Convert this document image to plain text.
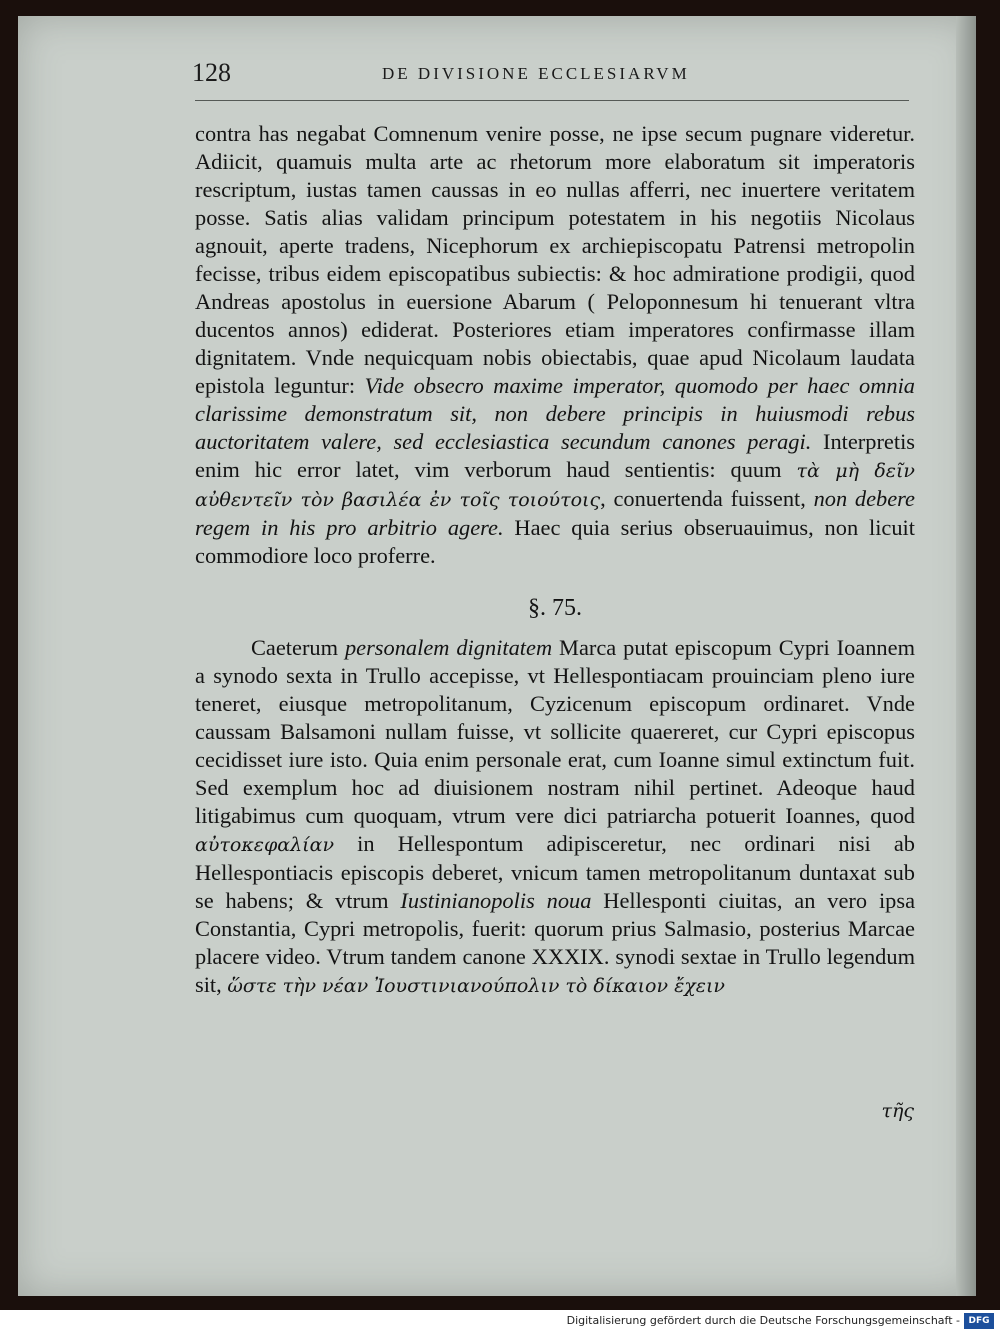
128	DE DIVISIONE ECCLESIARVM

contra has negabat Comnenum venire posse, ne ipse secum pugnare videretur. Adiicit, quamuis multa arte ac rhetorum more elaboratum sit imperatoris rescriptum, iustas tamen caussas in eo nullas afferri, nec inuertere veritatem posse. Satis alias validam principum potestatem in his negotiis Nicolaus agnouit, aperte tradens, Nicephorum ex archiepiscopatu Patrensi metropolin fecisse, tribus eidem episcopatibus subiectis: & hoc admiratione prodigii, quod Andreas apostolus in euersione Abarum ( Peloponnesum hi tenuerant vltra ducentos annos) ediderat. Posteriores etiam imperatores confirmasse illam dignitatem. Vnde nequicquam nobis obiectabis, quae apud Nicolaum laudata epistola leguntur: Vide obsecro maxime imperator, quomodo per haec omnia clarissime demonstratum sit, non debere principis in huiusmodi rebus auctoritatem valere, sed ecclesiastica secundum canones peragi. Interpretis enim hic error latet, vim verborum haud sentientis: quum τὰ μὴ δεῖν αὐθεντεῖν τὸν βασιλέα ἐν τοῖς τοιούτοις, conuertenda fuissent, non debere regem in his pro arbitrio agere. Haec quia serius obseruauimus, non licuit commodiore loco proferre.

§. 75.

Caeterum personalem dignitatem Marca putat episcopum Cypri Ioannem a synodo sexta in Trullo accepisse, vt Hellespontiacam prouinciam pleno iure teneret, eiusque metropolitanum, Cyzicenum episcopum ordinaret. Vnde caussam Balsamoni nullam fuisse, vt sollicite quaereret, cur Cypri episcopus cecidisset iure isto. Quia enim personale erat, cum Ioanne simul extinctum fuit. Sed exemplum hoc ad diuisionem nostram nihil pertinet. Adeoque haud litigabimus cum quoquam, vtrum vere dici patriarcha potuerit Ioannes, quod αὐτοκεφαλίαν in Hellespontum adipisceretur, nec ordinari nisi ab Hellespontiacis episcopis deberet, vnicum tamen metropolitanum duntaxat sub se habens; & vtrum Iustinianopolis noua Hellesponti ciuitas, an vero ipsa Constantia, Cypri metropolis, fuerit: quorum prius Salmasio, posterius Marcae placere video. Vtrum tandem canone XXXIX. synodi sextae in Trullo legendum sit, ὥστε τὴν νέαν Ἰουστινιανούπολιν τὸ δίκαιον ἔχειν

τῆς
Digitalisierung gefördert durch die Deutsche Forschungsgemeinschaft - DFG
